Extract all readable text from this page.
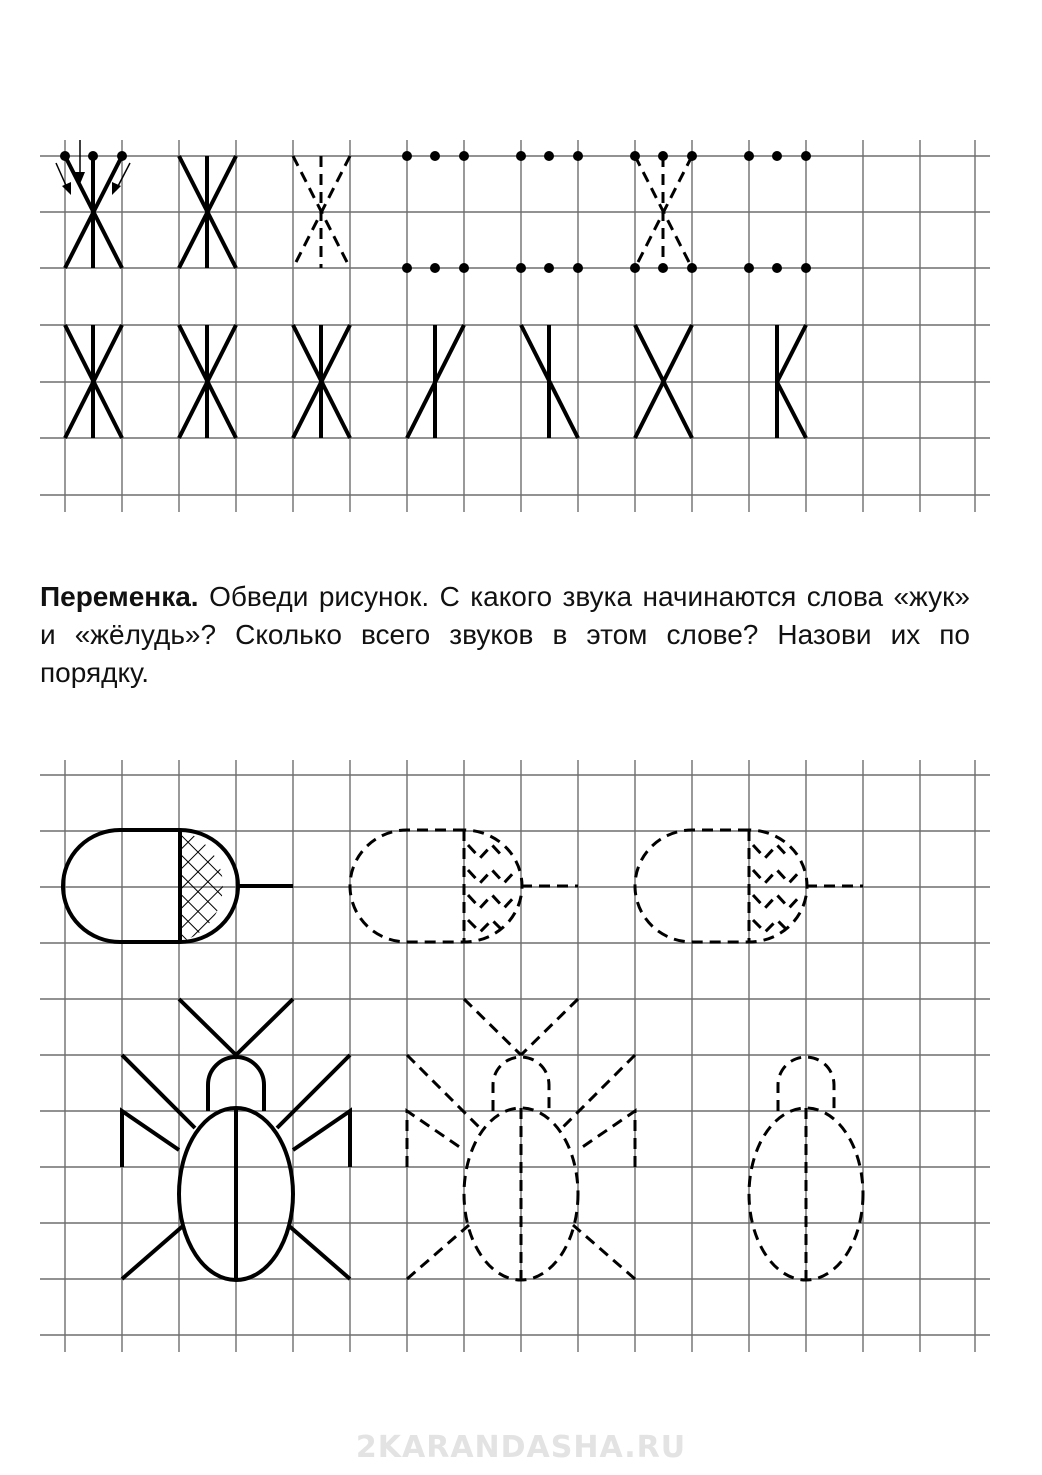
Переменка. Обведи рисунок. С какого звука начинаются слова «жук» и «жёлудь»? Сколько всего звуков в этом слове? Назови их по порядку.
2KARANDASHA.RU
